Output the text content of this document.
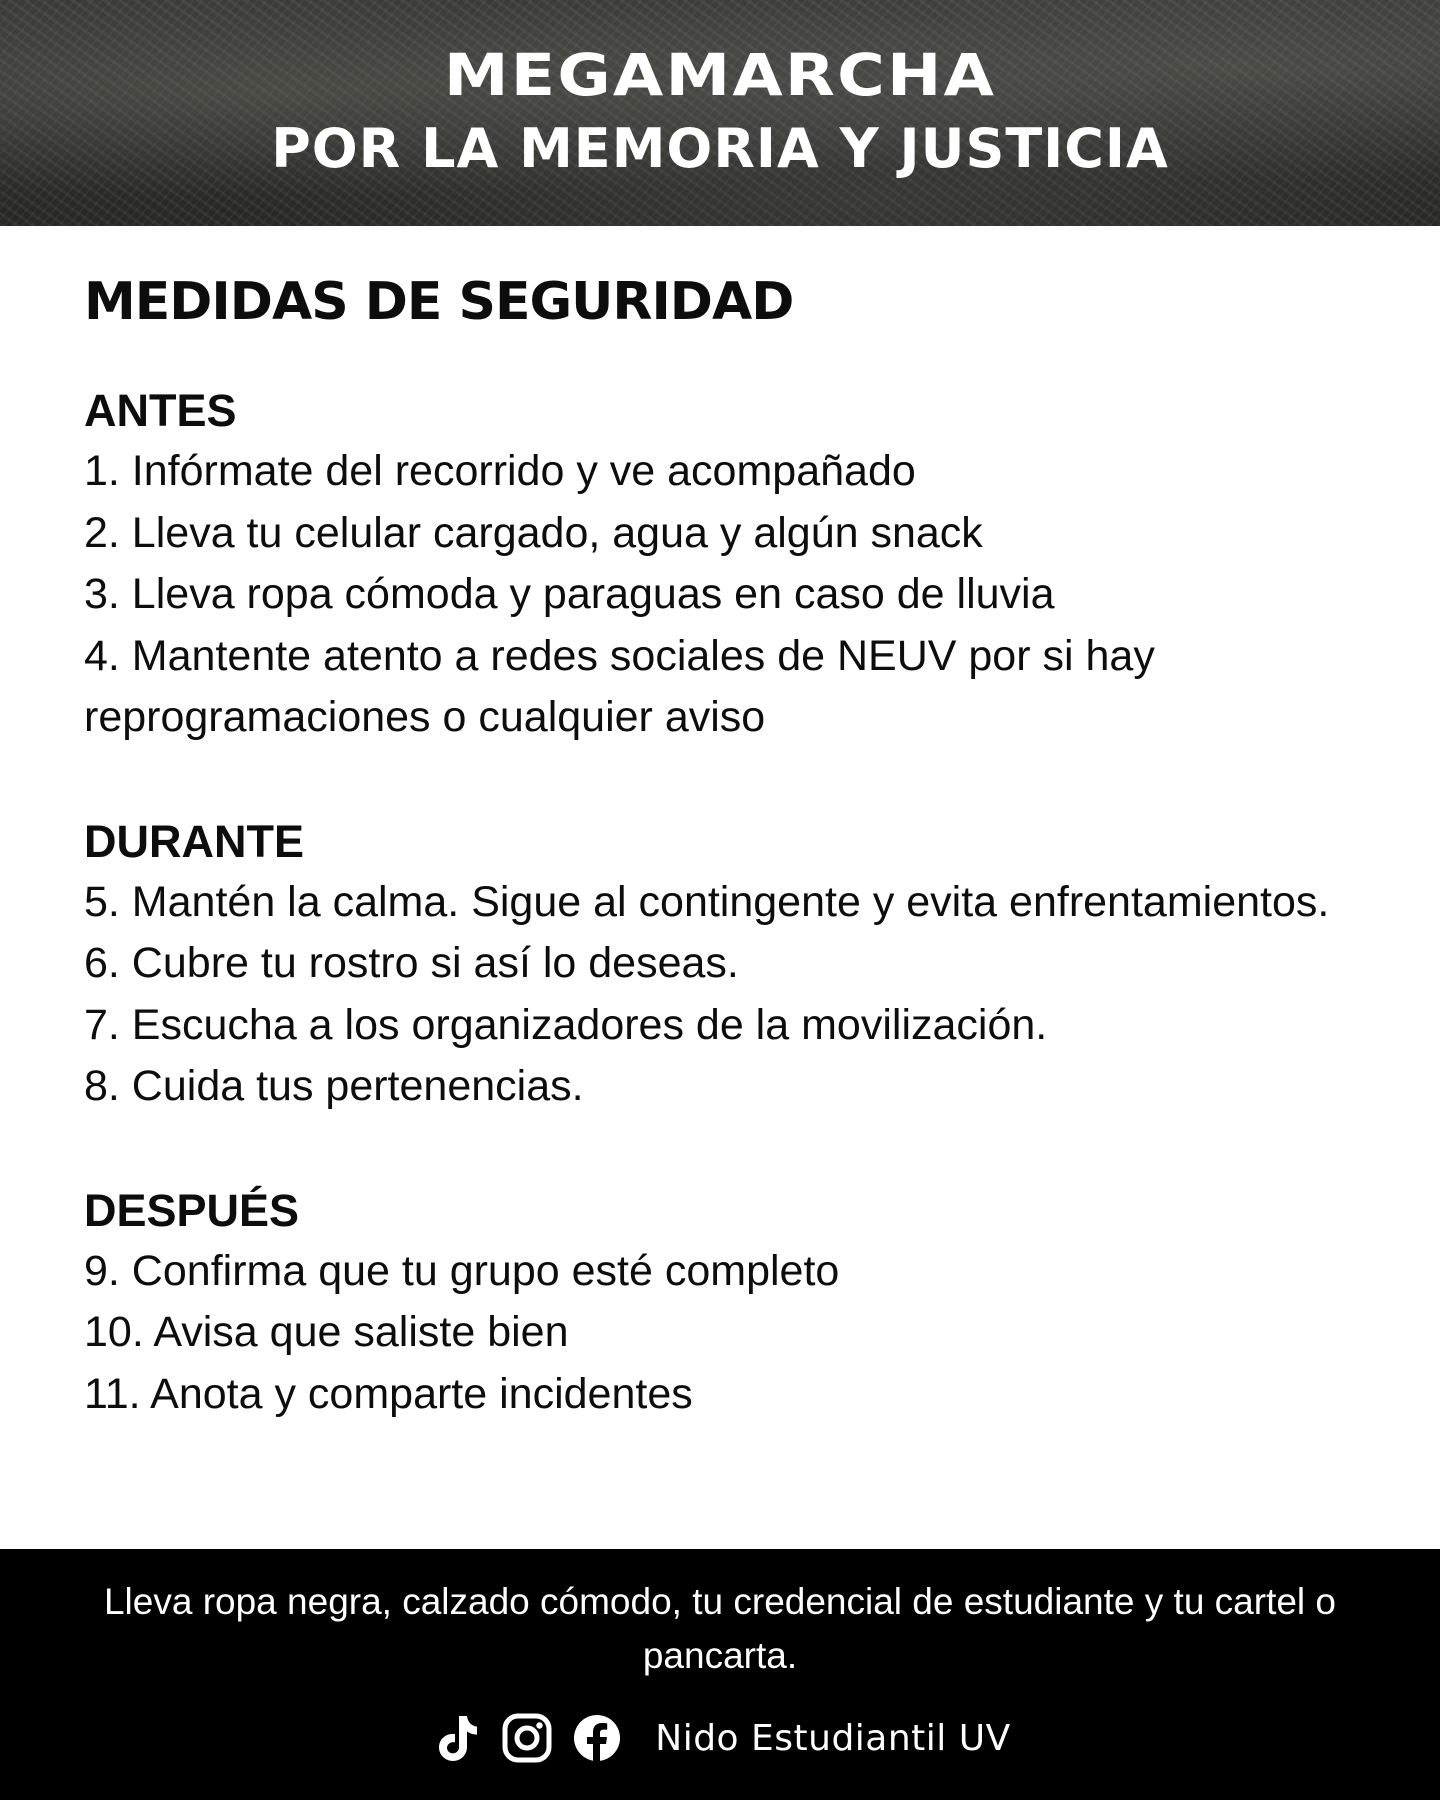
MEGAMARCHA
POR LA MEMORIA Y JUSTICIA
MEDIDAS DE SEGURIDAD
ANTES
1. Infórmate del recorrido y ve acompañado
2. Lleva tu celular cargado, agua y algún snack
3. Lleva ropa cómoda y paraguas en caso de lluvia
4. Mantente atento a redes sociales de NEUV por si hay reprogramaciones o cualquier aviso
DURANTE
5. Mantén la calma. Sigue al contingente y evita enfrentamientos.
6. Cubre tu rostro si así lo deseas.
7. Escucha a los organizadores de la movilización.
8. Cuida tus pertenencias.
DESPUÉS
9. Confirma que tu grupo esté completo
10. Avisa que saliste bien
11. Anota y comparte incidentes
Lleva ropa negra, calzado cómodo, tu credencial de estudiante y tu cartel o pancarta.
Nido Estudiantil UV
